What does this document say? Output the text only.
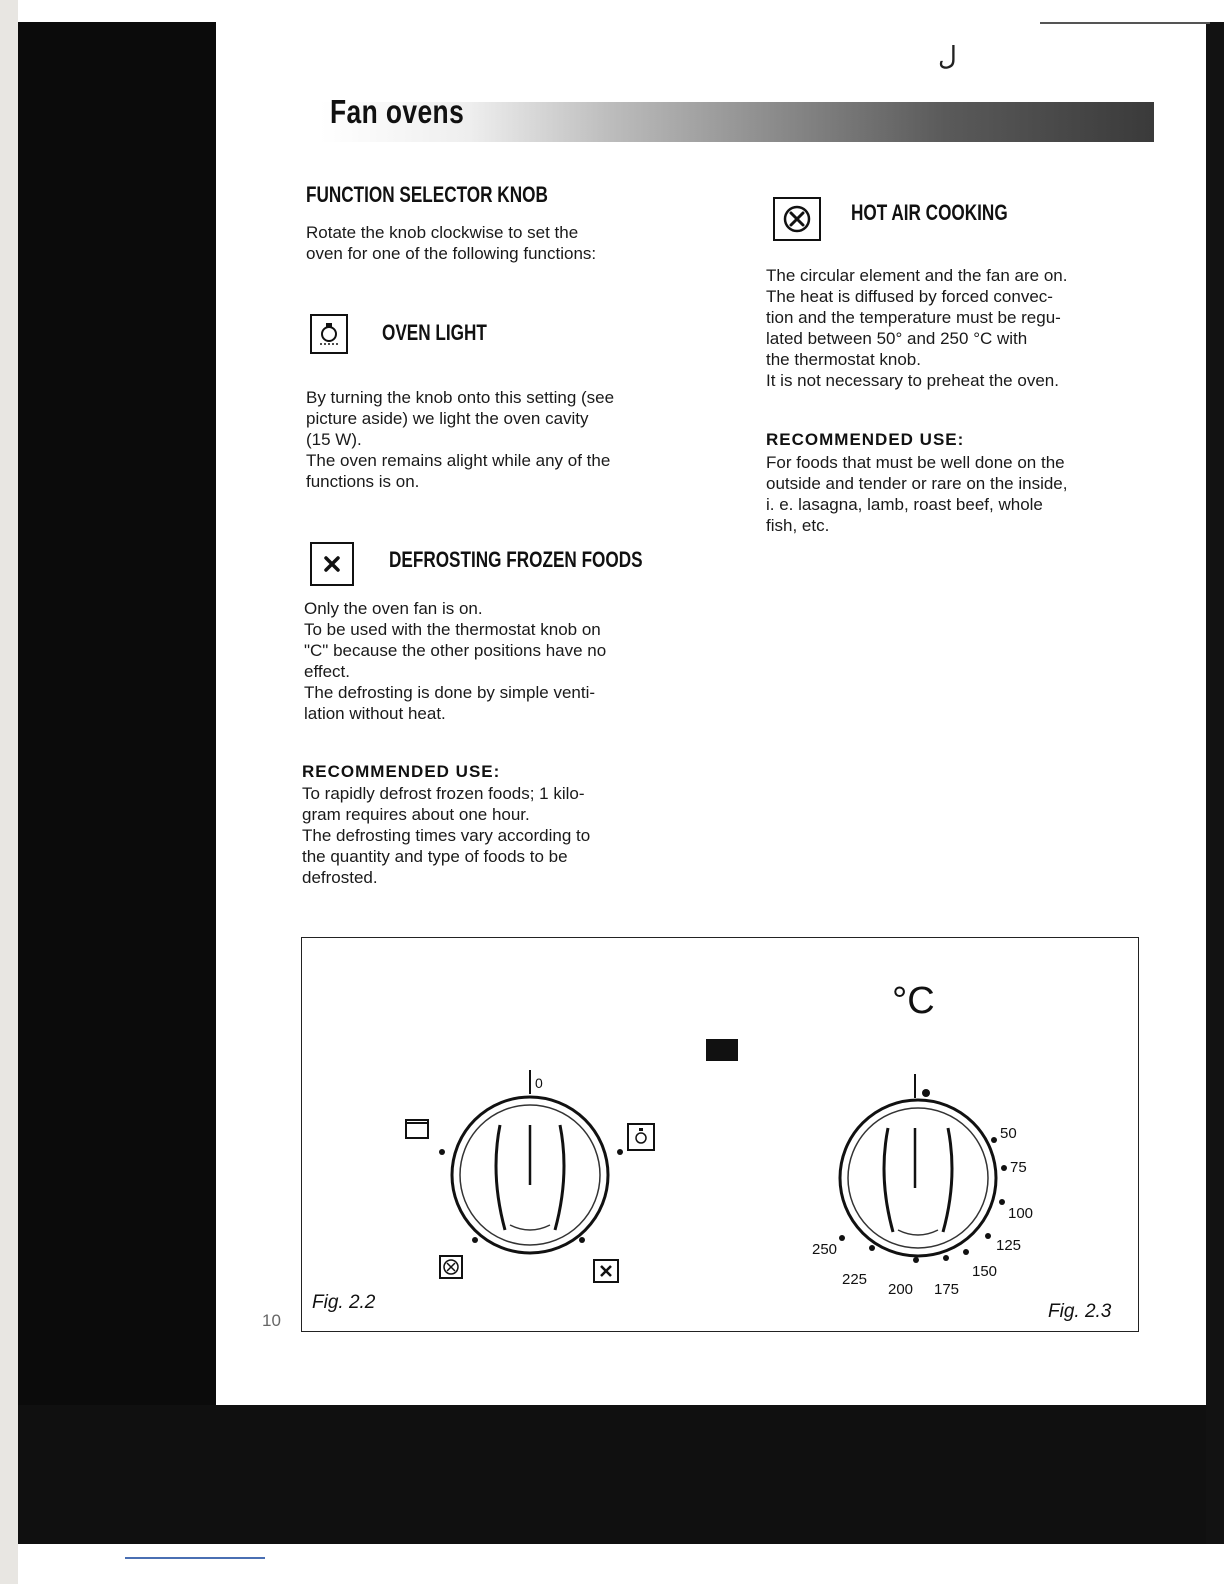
ل
Fan ovens
FUNCTION SELECTOR KNOB

Rotate the knob clockwise to set the

oven for one of the following functions:

OVEN LIGHT

By turning the knob onto this setting (see

picture aside) we light the oven cavity

(15 W).

The oven remains alight while any of the

functions is on.

DEFROSTING FROZEN FOODS

Only the oven fan is on.

To be used with the thermostat knob on

"C" because the other positions have no

effect.

The defrosting is done by simple venti-

lation without heat.

RECOMMENDED USE:

To rapidly defrost frozen foods; 1 kilo-

gram requires about one hour.

The defrosting times vary according to

the quantity and type of foods to be

defrosted.

HOT AIR COOKING

The circular element and the fan are on.

The heat is diffused by forced convec-

tion and the temperature must be regu-

lated between 50° and 250 °C with

the thermostat knob.

It is not necessary to preheat the oven.

RECOMMENDED USE:

For foods that must be well done on the

outside and tender or rare on the inside,

i. e. lasagna, lamb, roast beef, whole

fish, etc.

°C
0
50
75
100
125
150
175
200
225
250
Fig. 2.2	Fig. 2.3
10
